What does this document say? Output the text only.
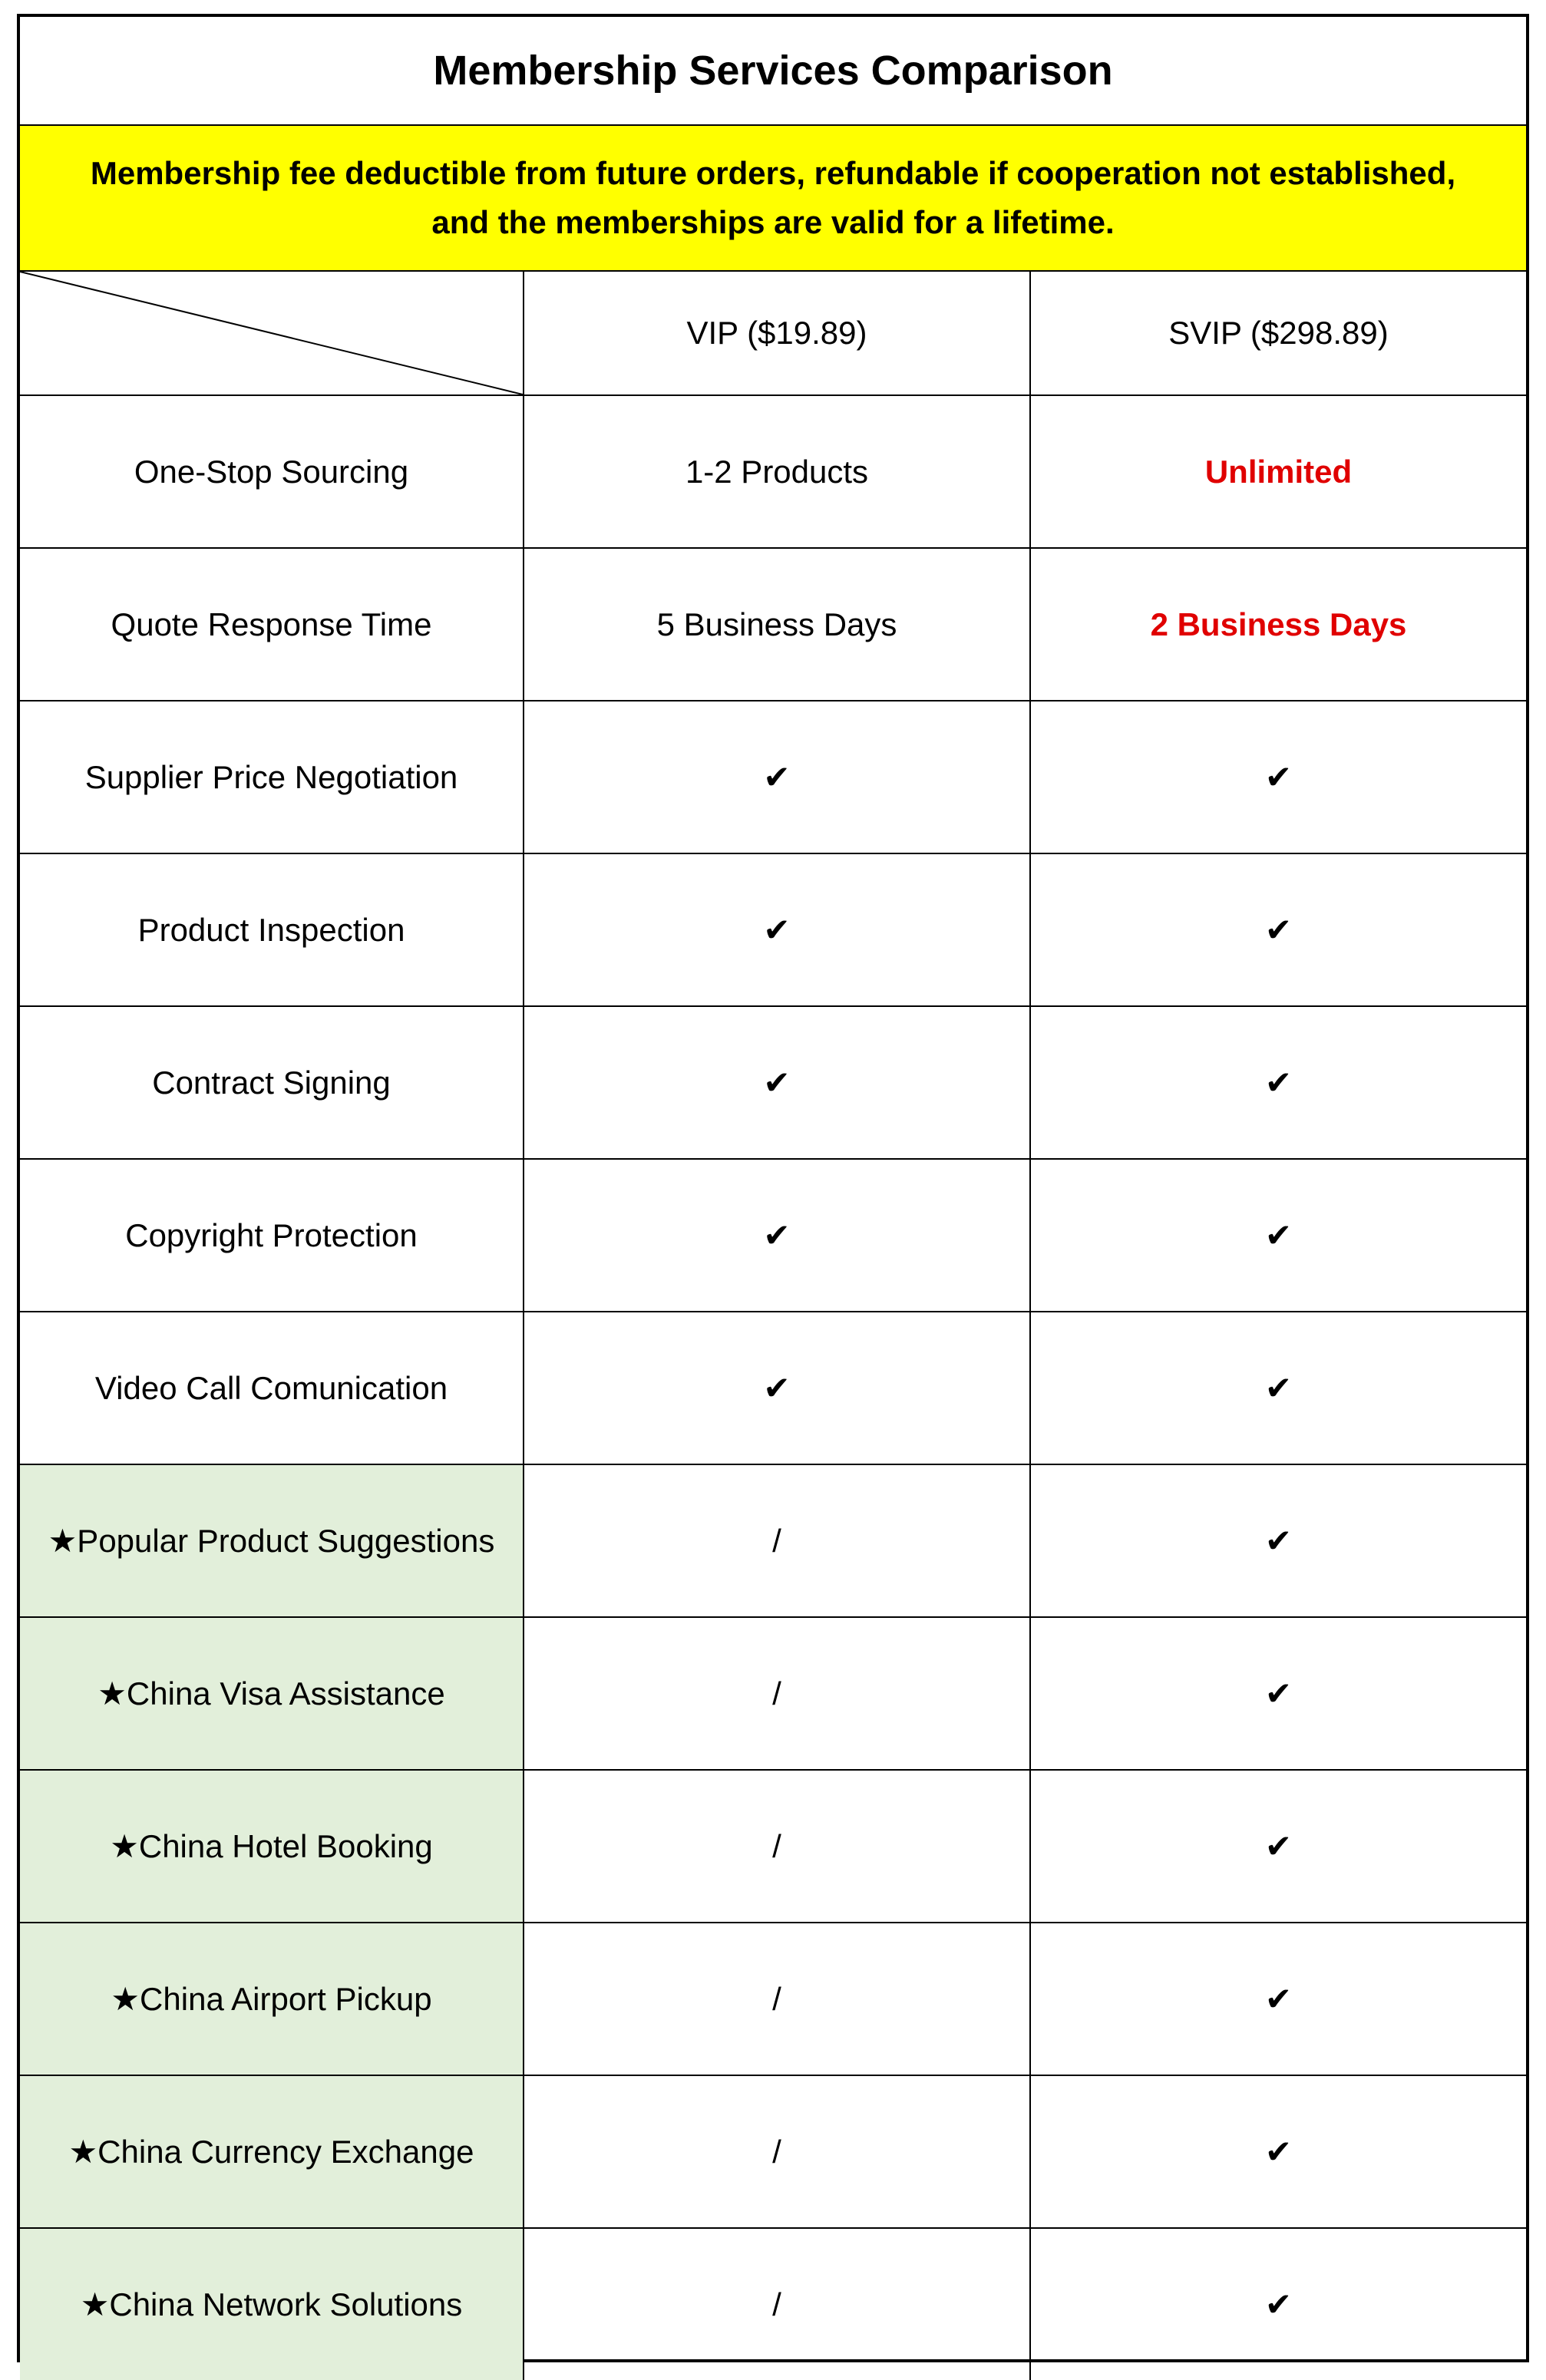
Membership Services Comparison
Membership fee deductible from future orders, refundable if cooperation not established,
and the memberships are valid for a lifetime.
	VIP ($19.89)	SVIP ($298.89)
One-Stop Sourcing	1-2 Products	Unlimited
Quote Response Time	5 Business Days	2 Business Days
Supplier Price Negotiation	✔	✔
Product Inspection	✔	✔
Contract Signing	✔	✔
Copyright Protection	✔	✔
Video Call Comunication	✔	✔
★Popular Product Suggestions	/	✔
★China Visa Assistance	/	✔
★China Hotel Booking	/	✔
★China Airport Pickup	/	✔
★China Currency Exchange	/	✔
★China Network Solutions	/	✔
